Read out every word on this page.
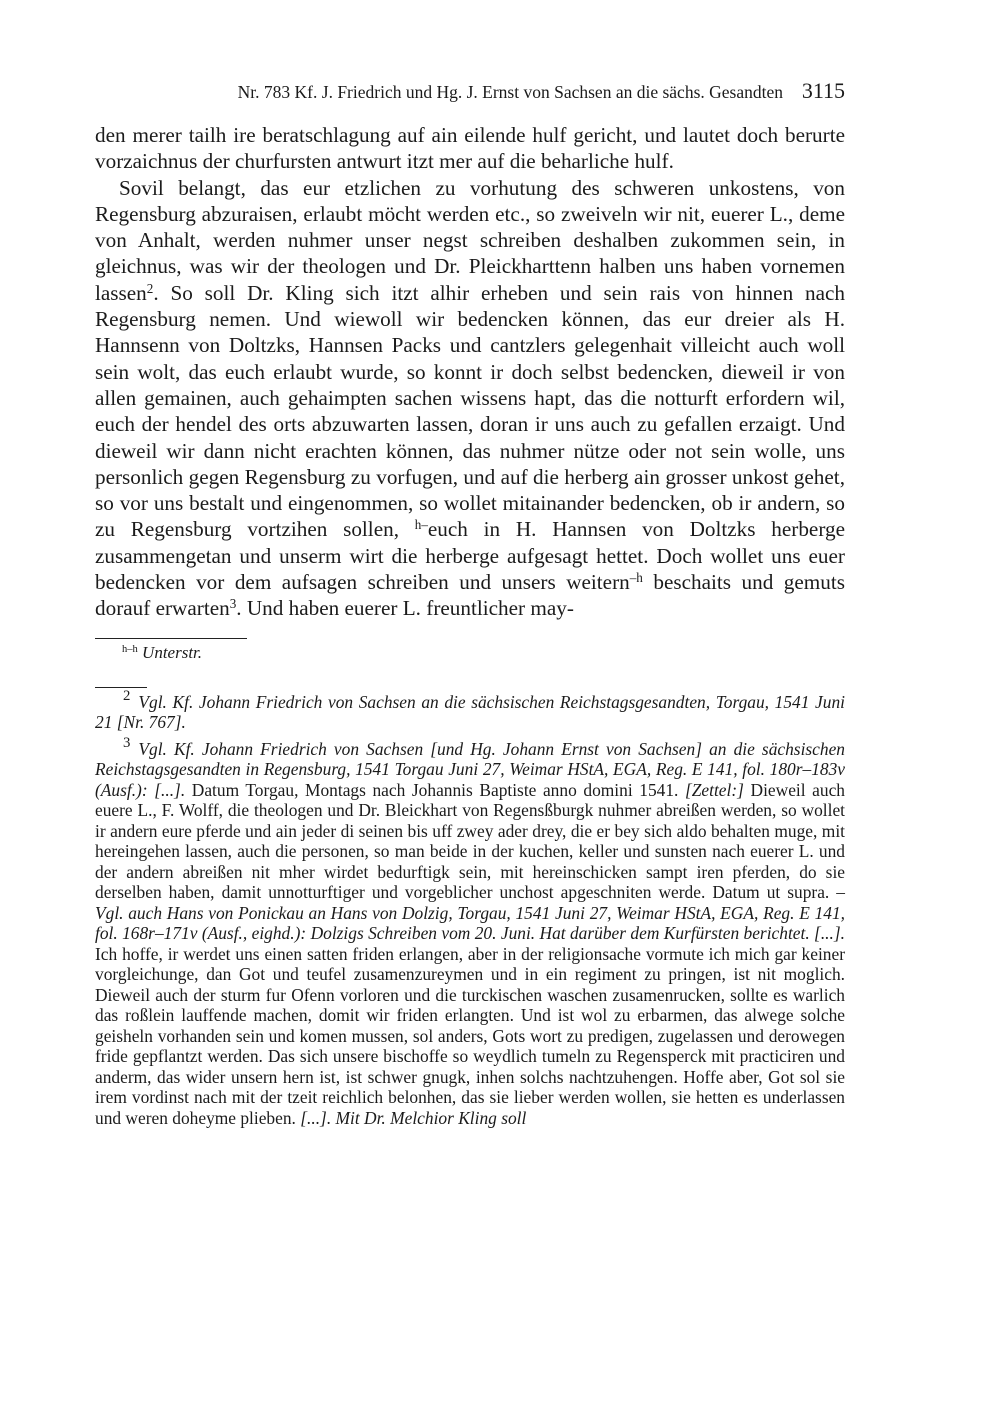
Nr. 783 Kf. J. Friedrich und Hg. J. Ernst von Sachsen an die sächs. Gesandten 3115

den merer tailh ire beratschlagung auf ain eilende hulf gericht, und lautet doch berurte vorzaichnus der churfursten antwurt itzt mer auf die beharliche hulf.

Sovil belangt, das eur etzlichen zu vorhutung des schweren unkostens, von Regensburg abzuraisen, erlaubt möcht werden etc., so zweiveln wir nit, euerer L., deme von Anhalt, werden nuhmer unser negst schreiben deshalben zukommen sein, in gleichnus, was wir der theologen und Dr. Pleickharttenn halben uns haben vornemen lassen$^2$. So soll Dr. Kling sich itzt alhir erheben und sein rais von hinnen nach Regensburg nemen. Und wiewoll wir bedencken können, das eur dreier als H. Hannsenn von Doltzks, Hannsen Packs und cantzlers gelegenhait villeicht auch woll sein wolt, das euch erlaubt wurde, so konnt ir doch selbst bedencken, dieweil ir von allen gemainen, auch gehaimpten sachen wissens hapt, das die notturft erfordern wil, euch der hendel des orts abzuwarten lassen, doran ir uns auch zu gefallen erzaigt. Und dieweil wir dann nicht erachten können, das nuhmer nütze oder not sein wolle, uns personlich gegen Regensburg zu vorfugen, und auf die herberg ain grosser unkost gehet, so vor uns bestalt und eingenommen, so wollet mitainander bedencken, ob ir andern, so zu Regensburg vortzihen sollen, $^{h-}$euch in H. Hannsen von Doltzks herberge zusammengetan und unserm wirt die herberge aufgesagt hettet. Doch wollet uns euer bedencken vor dem aufsagen schreiben und unsers weitern$^{-h}$ beschaits und gemuts dorauf erwarten$^3$. Und haben euerer L. freuntlicher may-

$^{h-h}$ Unterstr.

$^2$ Vgl. Kf. Johann Friedrich von Sachsen an die sächsischen Reichstagsgesandten, Torgau, 1541 Juni 21 [Nr. 767].

$^3$ Vgl. Kf. Johann Friedrich von Sachsen [und Hg. Johann Ernst von Sachsen] an die sächsischen Reichstagsgesandten in Regensburg, 1541 Torgau Juni 27, Weimar HStA, EGA, Reg. E 141, fol. 180r–183v (Ausf.): [...]. Datum Torgau, Montags nach Johannis Baptiste anno domini 1541. [Zettel:] Dieweil auch euere L., F. Wolff, die theologen und Dr. Bleickhart von Regensßburgk nuhmer abreißen werden, so wollet ir andern eure pferde und ain jeder di seinen bis uff zwey ader drey, die er bey sich aldo behalten muge, mit hereingehen lassen, auch die personen, so man beide in der kuchen, keller und sunsten nach euerer L. und der andern abreißen nit mher wirdet bedurftigk sein, mit hereinschicken sampt iren pferden, do sie derselben haben, damit unnotturftiger und vorgeblicher unchost apgeschniten werde. Datum ut supra. – Vgl. auch Hans von Ponickau an Hans von Dolzig, Torgau, 1541 Juni 27, Weimar HStA, EGA, Reg. E 141, fol. 168r–171v (Ausf., eighd.): Dolzigs Schreiben vom 20. Juni. Hat darüber dem Kurfürsten berichtet. [...]. Ich hoffe, ir werdet uns einen satten friden erlangen, aber in der religionsache vormute ich mich gar keiner vorgleichunge, dan Got und teufel zusamenzureymen und in ein regiment zu pringen, ist nit moglich. Dieweil auch der sturm fur Ofenn vorloren und die turckischen waschen zusamenrucken, sollte es warlich das roßlein lauffende machen, domit wir friden erlangten. Und ist wol zu erbarmen, das alwege solche geisheln vorhanden sein und komen mussen, sol anders, Gots wort zu predigen, zugelassen und derowegen fride gepflantzt werden. Das sich unsere bischoffe so weydlich tumeln zu Regensperck mit practiciren und anderm, das wider unsern hern ist, ist schwer gnugk, inhen solchs nachtzuhengen. Hoffe aber, Got sol sie irem vordinst nach mit der tzeit reichlich belonhen, das sie lieber werden wollen, sie hetten es underlassen und weren doheyme plieben. [...]. Mit Dr. Melchior Kling soll
